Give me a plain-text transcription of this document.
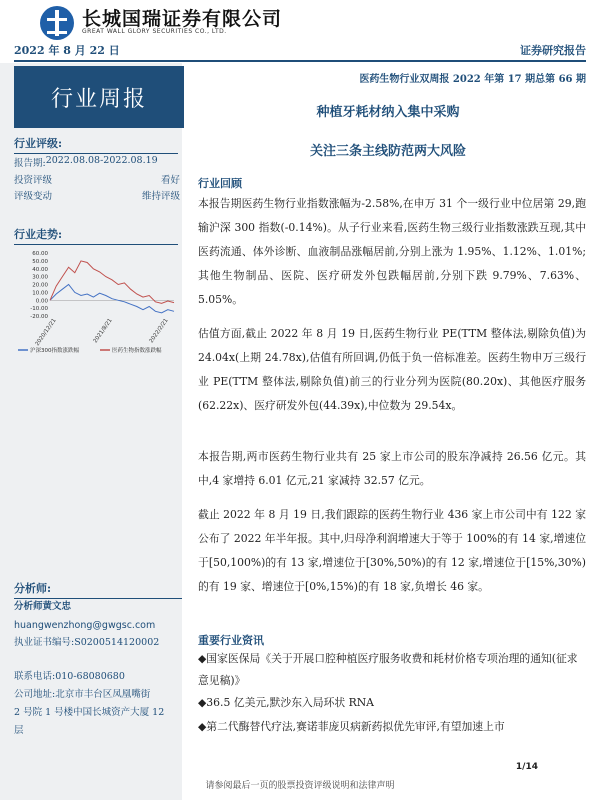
长城国瑞证券有限公司
GREAT WALL GLORY SECURITIES CO., LTD.
2022 年 8 月 22 日	证券研究报告
行业周报
医药生物行业双周报 2022 年第 17 期总第 66 期
种植牙耗材纳入集中采购
关注三条主线防范两大风险
行业评级:
报告期: 2022.08.08-2022.08.19
投资评级	看好
评级变动	维持评级
行业走势:
60.00
50.00
40.00
30.00
20.00
10.00
0.00
-10.00
-20.00
2020/12/21	2021/8/21	2022/2/21
沪深300指数涨跌幅	医药生物指数涨跌幅
分析师:
分析师黄文忠
huangwenzhong@gwgsc.com
执业证书编号:S0200514120002
联系电话:010-68080680
公司地址:北京市丰台区凤凰嘴街
2 号院 1 号楼中国长城资产大厦 12
层
行业回顾
本报告期医药生物行业指数涨幅为-2.58%,在申万 31 个一级行业中位居第 29,跑输沪深 300 指数(-0.14%)。从子行业来看,医药生物三级行业指数涨跌互现,其中医药流通、体外诊断、血液制品涨幅居前,分别上涨为 1.95%、1.12%、1.01%;其他生物制品、医院、医疗研发外包跌幅居前,分别下跌 9.79%、7.63%、5.05%。
估值方面,截止 2022 年 8 月 19 日,医药生物行业 PE(TTM 整体法,剔除负值)为 24.04x(上期 24.78x),估值有所回调,仍低于负一倍标准差。医药生物申万三级行业 PE(TTM 整体法,剔除负值)前三的行业分列为医院(80.20x)、其他医疗服务(62.22x)、医疗研发外包(44.39x),中位数为 29.54x。
本报告期,两市医药生物行业共有 25 家上市公司的股东净减持 26.56 亿元。其中,4 家增持 6.01 亿元,21 家减持 32.57 亿元。
截止 2022 年 8 月 19 日,我们跟踪的医药生物行业 436 家上市公司中有 122 家公布了 2022 年半年报。其中,归母净利润增速大于等于 100%的有 14 家,增速位于[50,100%)的有 13 家,增速位于[30%,50%)的有 12 家,增速位于[15%,30%)的有 19 家、增速位于[0%,15%)的有 18 家,负增长 46 家。
重要行业资讯
◆国家医保局《关于开展口腔种植医疗服务收费和耗材价格专项治理的通知(征求意见稿)》
◆36.5 亿美元,默沙东入局环状 RNA
◆第二代酶替代疗法,赛诺菲庞贝病新药拟优先审评,有望加速上市
1/14
请参阅最后一页的股票投资评级说明和法律声明
